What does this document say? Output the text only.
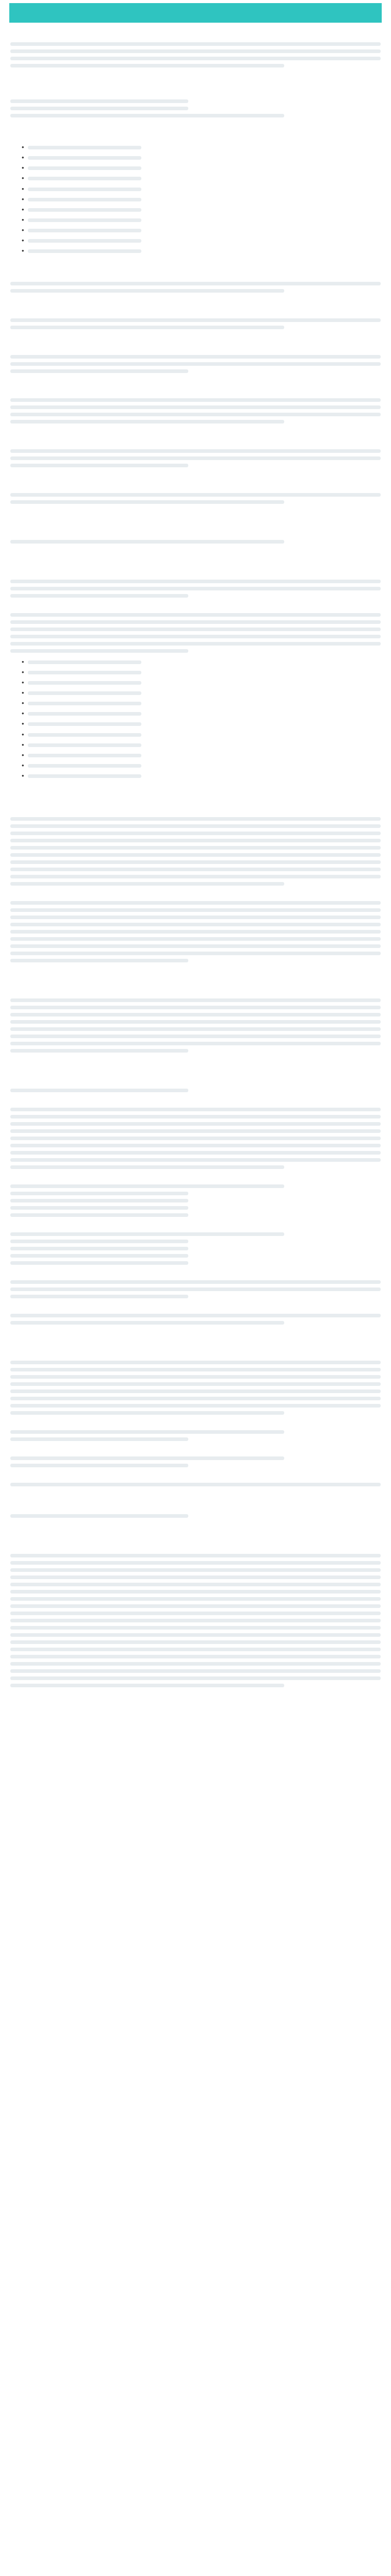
•
•
•
•
•
•
•
•
•
•
•
•
•
•
•
•
•
•
•
•
•
•
•
